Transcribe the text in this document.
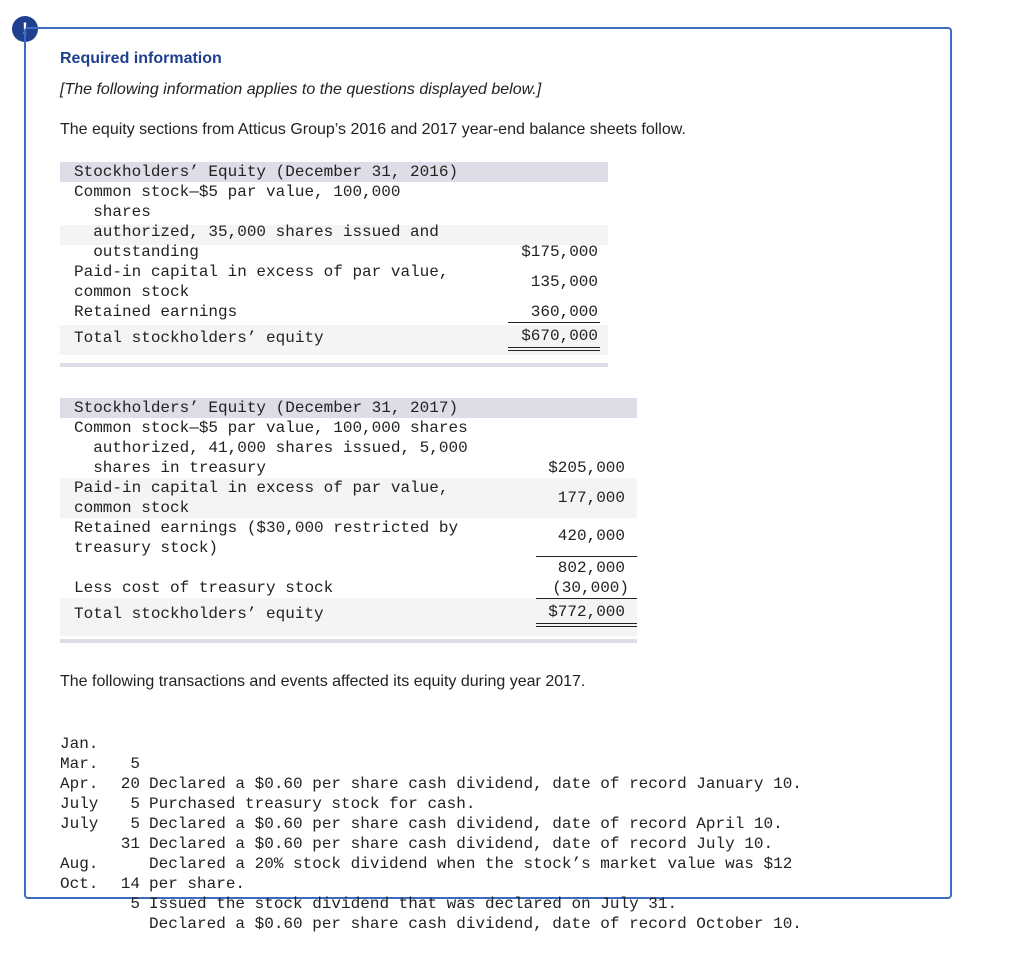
!
Required information
[The following information applies to the questions displayed below.]
The equity sections from Atticus Group’s 2016 and 2017 year-end balance sheets follow.
Stockholders’ Equity (December 31, 2016)
Common stock—$5 par value, 100,000
shares
authorized, 35,000 shares issued and
outstanding
Paid-in capital in excess of par value,
common stock
Retained earnings
Total stockholders’ equity
$175,000
135,000
360,000
$670,000
Stockholders’ Equity (December 31, 2017)
Common stock—$5 par value, 100,000 shares
authorized, 41,000 shares issued, 5,000
shares in treasury
Paid-in capital in excess of par value,
common stock
Retained earnings ($30,000 restricted by
treasury stock)
Less cost of treasury stock
Total stockholders’ equity
$205,000
177,000
420,000
802,000
(30,000)
$772,000
The following transactions and events affected its equity during year 2017.

Jan.

5

Declared a $0.60 per share cash dividend, date of record January 10.

Mar.

20

Purchased treasury stock for cash.

Apr.

5

Declared a $0.60 per share cash dividend, date of record April 10.

July

5

Declared a $0.60 per share cash dividend, date of record July 10.

July

31

Declared a 20% stock dividend when the stock’s market value was $12

per share.

Aug.

14

Issued the stock dividend that was declared on July 31.

Oct.

5

Declared a $0.60 per share cash dividend, date of record October 10.
